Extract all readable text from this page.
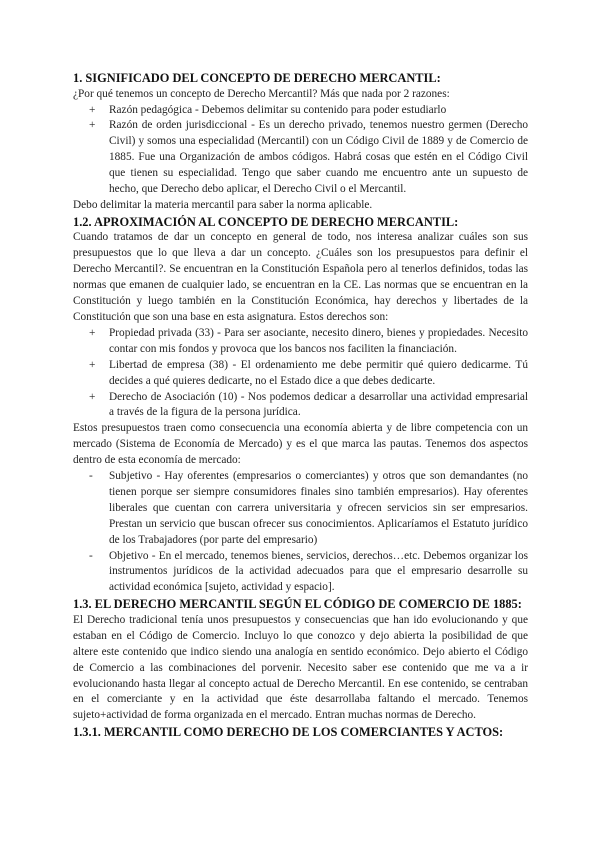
1. SIGNIFICADO DEL CONCEPTO DE DERECHO MERCANTIL:

¿Por qué tenemos un concepto de Derecho Mercantil? Más que nada por 2 razones:

+ Razón pedagógica - Debemos delimitar su contenido para poder estudiarlo
+ Razón de orden jurisdiccional - Es un derecho privado, tenemos nuestro germen (Derecho Civil) y somos una especialidad (Mercantil) con un Código Civil de 1889 y de Comercio de 1885. Fue una Organización de ambos códigos. Habrá cosas que estén en el Código Civil que tienen su especialidad. Tengo que saber cuando me encuentro ante un supuesto de hecho, que Derecho debo aplicar, el Derecho Civil o el Mercantil.

Debo delimitar la materia mercantil para saber la norma aplicable.

1.2. APROXIMACIÓN AL CONCEPTO DE DERECHO MERCANTIL:

Cuando tratamos de dar un concepto en general de todo, nos interesa analizar cuáles son sus presupuestos que lo que lleva a dar un concepto. ¿Cuáles son los presupuestos para definir el Derecho Mercantil?. Se encuentran en la Constitución Española pero al tenerlos definidos, todas las normas que emanen de cualquier lado, se encuentran en la CE. Las normas que se encuentran en la Constitución y luego también en la Constitución Económica, hay derechos y libertades de la Constitución que son una base en esta asignatura. Estos derechos son:

+ Propiedad privada (33) - Para ser asociante, necesito dinero, bienes y propiedades. Necesito contar con mis fondos y provoca que los bancos nos faciliten la financiación.
+ Libertad de empresa (38) - El ordenamiento me debe permitir qué quiero dedicarme. Tú decides a qué quieres dedicarte, no el Estado dice a que debes dedicarte.
+ Derecho de Asociación (10) - Nos podemos dedicar a desarrollar una actividad empresarial a través de la figura de la persona jurídica.

Estos presupuestos traen como consecuencia una economía abierta y de libre competencia con un mercado (Sistema de Economía de Mercado) y es el que marca las pautas. Tenemos dos aspectos dentro de esta economía de mercado:

- Subjetivo - Hay oferentes (empresarios o comerciantes) y otros que son demandantes (no tienen porque ser siempre consumidores finales sino también empresarios). Hay oferentes liberales que cuentan con carrera universitaria y ofrecen servicios sin ser empresarios. Prestan un servicio que buscan ofrecer sus conocimientos. Aplicaríamos el Estatuto jurídico de los Trabajadores (por parte del empresario)
- Objetivo - En el mercado, tenemos bienes, servicios, derechos…etc. Debemos organizar los instrumentos jurídicos de la actividad adecuados para que el empresario desarrolle su actividad económica [sujeto, actividad y espacio].
1.3. EL DERECHO MERCANTIL SEGÚN EL CÓDIGO DE COMERCIO DE 1885:

El Derecho tradicional tenía unos presupuestos y consecuencias que han ido evolucionando y que estaban en el Código de Comercio. Incluyo lo que conozco y dejo abierta la posibilidad de que altere este contenido que indico siendo una analogía en sentido económico. Dejo abierto el Código de Comercio a las combinaciones del porvenir. Necesito saber ese contenido que me va a ir evolucionando hasta llegar al concepto actual de Derecho Mercantil. En ese contenido, se centraban en el comerciante y en la actividad que éste desarrollaba faltando el mercado. Tenemos sujeto+actividad de forma organizada en el mercado. Entran muchas normas de Derecho.

1.3.1. MERCANTIL COMO DERECHO DE LOS COMERCIANTES Y ACTOS:
